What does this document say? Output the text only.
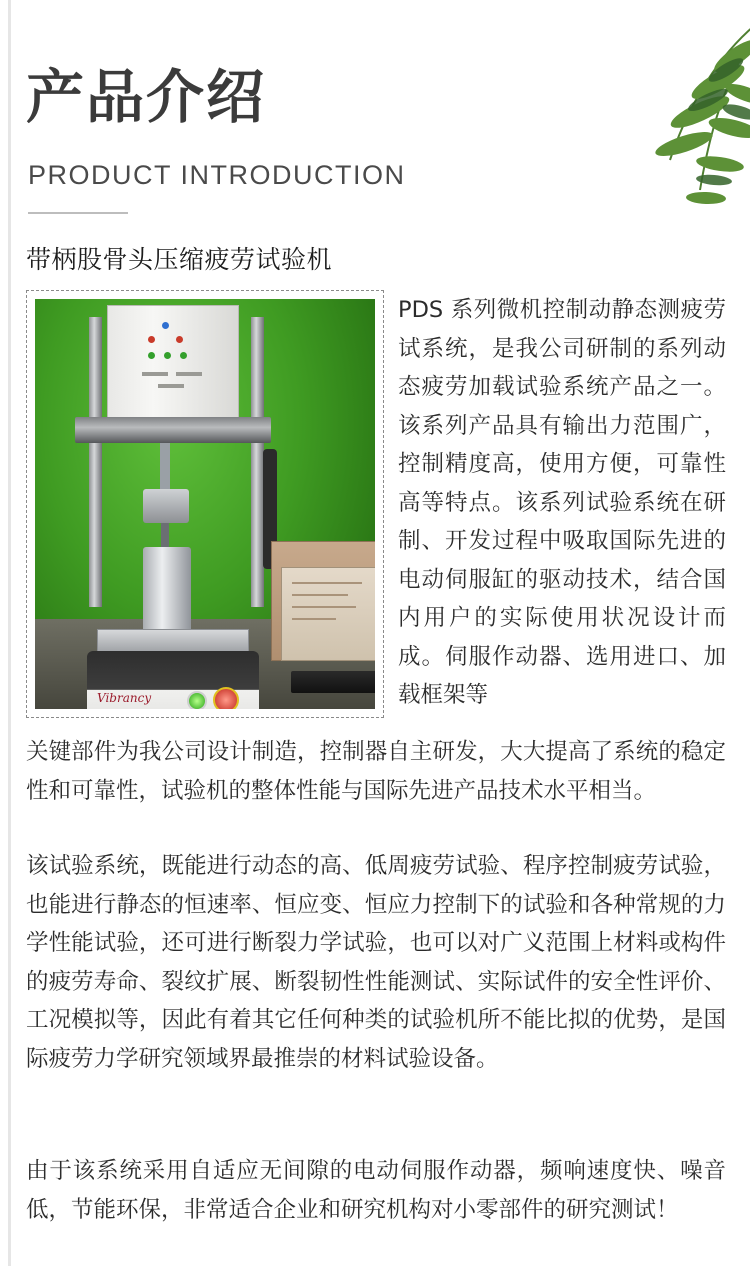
产品介绍
PRODUCT INTRODUCTION
带柄股骨头压缩疲劳试验机
Vibrancy
PDS 系列微机控制动静态测疲劳试系统，是我公司研制的系列动态疲劳加载试验系统产品之一。该系列产品具有输出力范围广，控制精度高，使用方便，可靠性高等特点。该系列试验系统在研制、开发过程中吸取国际先进的电动伺服缸的驱动技术，结合国内用户的实际使用状况设计而成。伺服作动器、选用进口、加载框架等
关键部件为我公司设计制造，控制器自主研发，大大提高了系统的稳定性和可靠性，试验机的整体性能与国际先进产品技术水平相当。
该试验系统，既能进行动态的高、低周疲劳试验、程序控制疲劳试验，也能进行静态的恒速率、恒应变、恒应力控制下的试验和各种常规的力学性能试验，还可进行断裂力学试验，也可以对广义范围上材料或构件的疲劳寿命、裂纹扩展、断裂韧性性能测试、实际试件的安全性评价、工况模拟等，因此有着其它任何种类的试验机所不能比拟的优势，是国际疲劳力学研究领域界最推崇的材料试验设备。
由于该系统采用自适应无间隙的电动伺服作动器，频响速度快、噪音低，节能环保，非常适合企业和研究机构对小零部件的研究测试！
